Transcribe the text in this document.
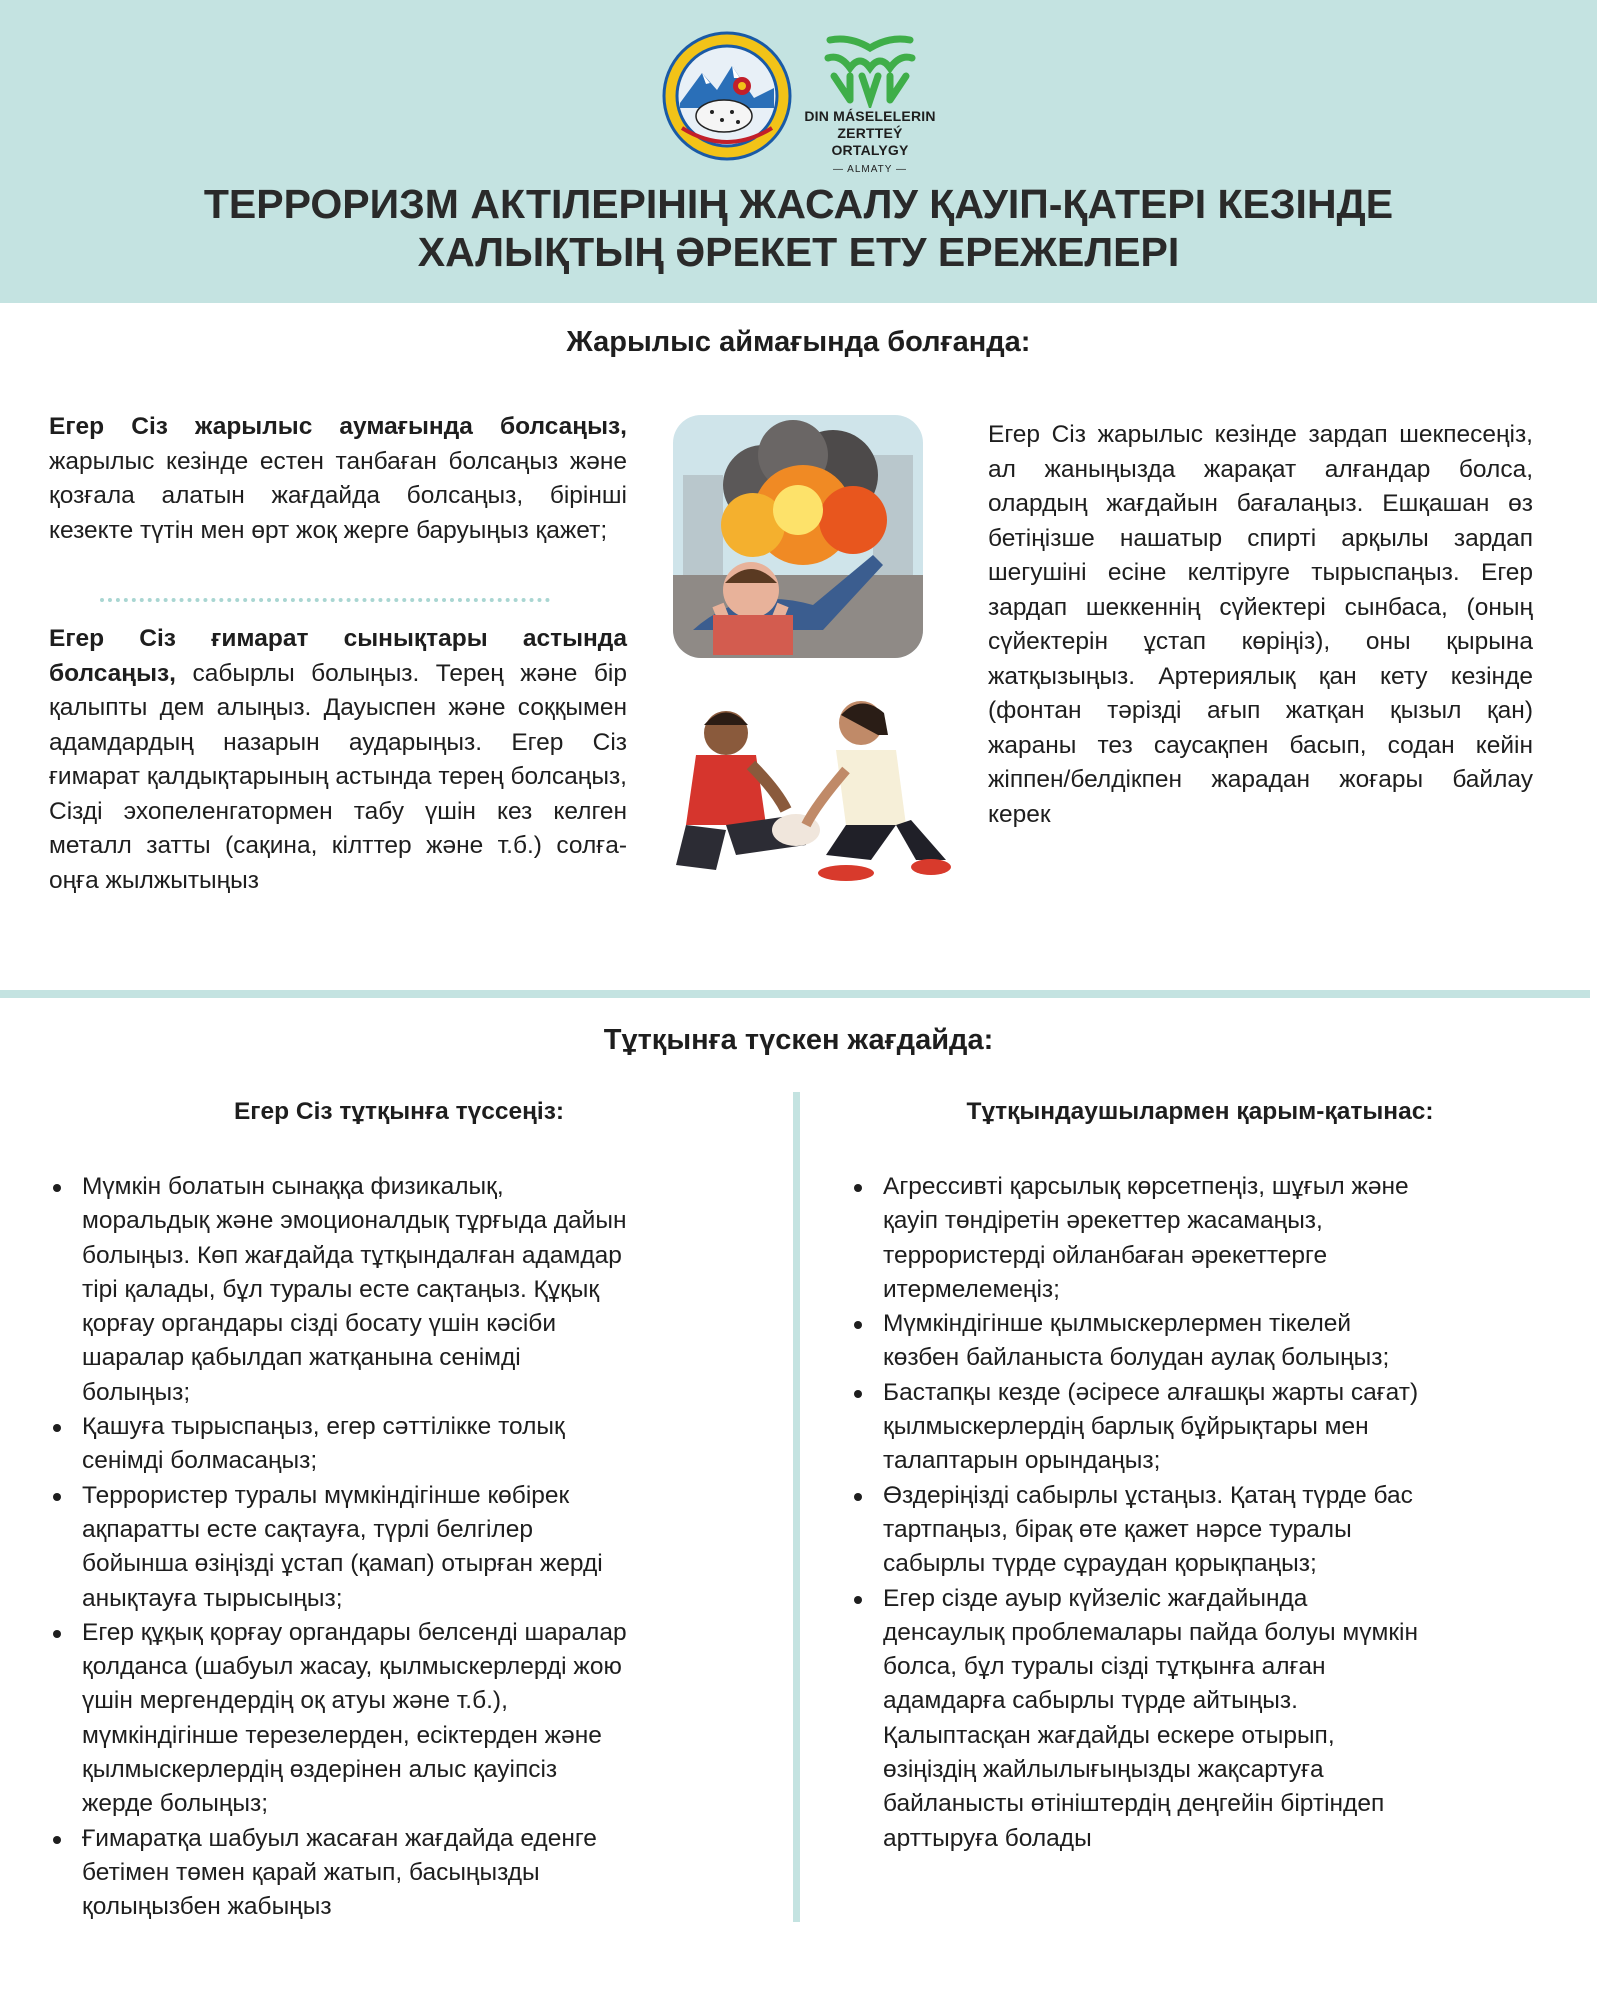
DIN MÁSELELERIN
ZERTTEÝ ORTALYGY
— ALMATY —
ТЕРРОРИЗМ АКТІЛЕРІНІҢ ЖАСАЛУ ҚАУІП-ҚАТЕРІ КЕЗІНДЕ
ХАЛЫҚТЫҢ ӘРЕКЕТ ЕТУ ЕРЕЖЕЛЕРІ
Жарылыс аймағында болғанда:
Егер Сіз жарылыс аумағында болсаңыз, жарылыс кезінде естен танбаған болсаңыз және қозғала алатын жағдайда болсаңыз, бірінші кезекте түтін мен өрт жоқ жерге баруыңыз қажет;
Егер Сіз ғимарат сынықтары астында болсаңыз, сабырлы болыңыз. Терең және бір қалыпты дем алыңыз. Дауыспен және соққымен адамдардың назарын аударыңыз. Егер Сіз ғимарат қалдықтарының астында терең болсаңыз, Сізді эхопеленгатормен табу үшін кез келген металл затты (сақина, кілттер және т.б.) солға-оңға жылжытыңыз
Егер Сіз жарылыс кезінде зардап шекпесеңіз, ал жаныңызда жарақат алғандар болса, олардың жағдайын бағалаңыз. Ешқашан өз бетіңізше нашатыр спирті арқылы зардап шегушіні есіне келтіруге тырыспаңыз. Егер зардап шеккеннің сүйектері сынбаса, (оның сүйектерін ұстап көріңіз), оны қырына жатқызыңыз. Артериялық қан кету кезінде (фонтан тәрізді ағып жатқан қызыл қан) жараны тез саусақпен басып, содан кейін жіппен/белдікпен жарадан жоғары байлау керек
Тұтқынға түскен жағдайда:
Егер Сіз тұтқынға түссеңіз:	Тұтқындаушылармен қарым-қатынас:
Мүмкін болатын сынаққа физикалық,
моральдық және эмоционалдық тұрғыда дайын
болыңыз. Көп жағдайда тұтқындалған адамдар
тірі қалады, бұл туралы есте сақтаңыз. Құқық
қорғау органдары сізді босату үшін кәсіби
шаралар қабылдап жатқанына сенімді
болыңыз;
Қашуға тырыспаңыз, егер сәттілікке толық
сенімді болмасаңыз;
Террористер туралы мүмкіндігінше көбірек
ақпаратты есте сақтауға, түрлі белгілер
бойынша өзіңізді ұстап (қамап) отырған жерді
анықтауға тырысыңыз;
Егер құқық қорғау органдары белсенді шаралар
қолданса (шабуыл жасау, қылмыскерлерді жою
үшін мергендердің оқ атуы және т.б.),
мүмкіндігінше терезелерден, есіктерден және
қылмыскерлердің өздерінен алыс қауіпсіз
жерде болыңыз;
Ғимаратқа шабуыл жасаған жағдайда еденге
бетімен төмен қарай жатып, басыңызды
қолыңызбен жабыңыз
Агрессивті қарсылық көрсетпеңіз, шұғыл және
қауіп төндіретін әрекеттер жасамаңыз,
террористерді ойланбаған әрекеттерге
итермелемеңіз;
Мүмкіндігінше қылмыскерлермен тікелей
көзбен байланыста болудан аулақ болыңыз;
Бастапқы кезде (әсіресе алғашқы жарты сағат)
қылмыскерлердің барлық бұйрықтары мен
талаптарын орындаңыз;
Өздеріңізді сабырлы ұстаңыз. Қатаң түрде бас
тартпаңыз, бірақ өте қажет нәрсе туралы
сабырлы түрде сұраудан қорықпаңыз;
Егер сізде ауыр күйзеліс жағдайында
денсаулық проблемалары пайда болуы мүмкін
болса, бұл туралы сізді тұтқынға алған
адамдарға сабырлы түрде айтыңыз.
Қалыптасқан жағдайды ескере отырып,
өзіңіздің жайлылығыңызды жақсартуға
байланысты өтініштердің деңгейін біртіндеп
арттыруға болады
